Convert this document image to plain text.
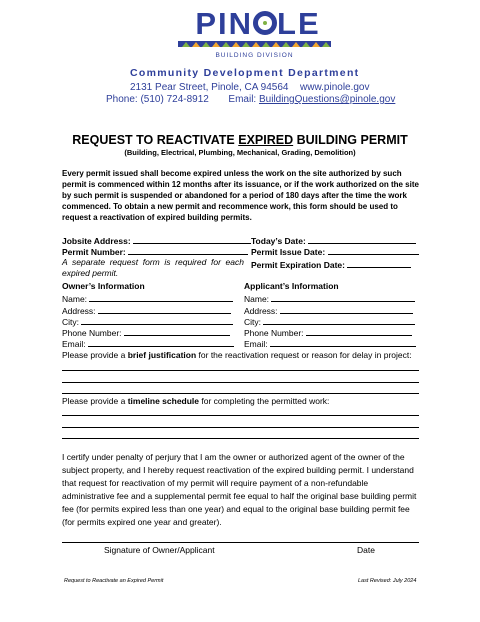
PIN LE
BUILDING DIVISION
Community Development Department
2131 Pear Street, Pinole, CA 94564 www.pinole.gov
Phone: (510) 724-8912 Email: BuildingQuestions@pinole.gov
REQUEST TO REACTIVATE EXPIRED BUILDING PERMIT
(Building, Electrical, Plumbing, Mechanical, Grading, Demolition)
Every permit issued shall become expired unless the work on the site authorized by such permit is commenced within 12 months after its issuance, or if the work authorized on the site by such permit is suspended or abandoned for a period of 180 days after the time the work commenced. To obtain a new permit and recommence work, this form should be used to request a reactivation of expired building permits.
Jobsite Address:	Today’s Date:
Permit Number:	Permit Issue Date:
A separate request form is required for each expired permit.
Permit Expiration Date:
Owner’s Information
Name:
Address:
City:
Phone Number:
Email:
Applicant’s Information
Name:
Address:
City:
Phone Number:
Email:
Please provide a brief justification for the reactivation request or reason for delay in project:
Please provide a timeline schedule for completing the permitted work:
I certify under penalty of perjury that I am the owner or authorized agent of the owner of the subject property, and I hereby request reactivation of the expired building permit. I understand that request for reactivation of my permit will require payment of a non-refundable administrative fee and a supplemental permit fee equal to half the original base building permit fee (for permits expired less than one year) and equal to the original base building permit fee (for permits expired one year and greater).
Signature of Owner/Applicant	Date
Request to Reactivate an Expired Permit	Last Revised: July 2024
